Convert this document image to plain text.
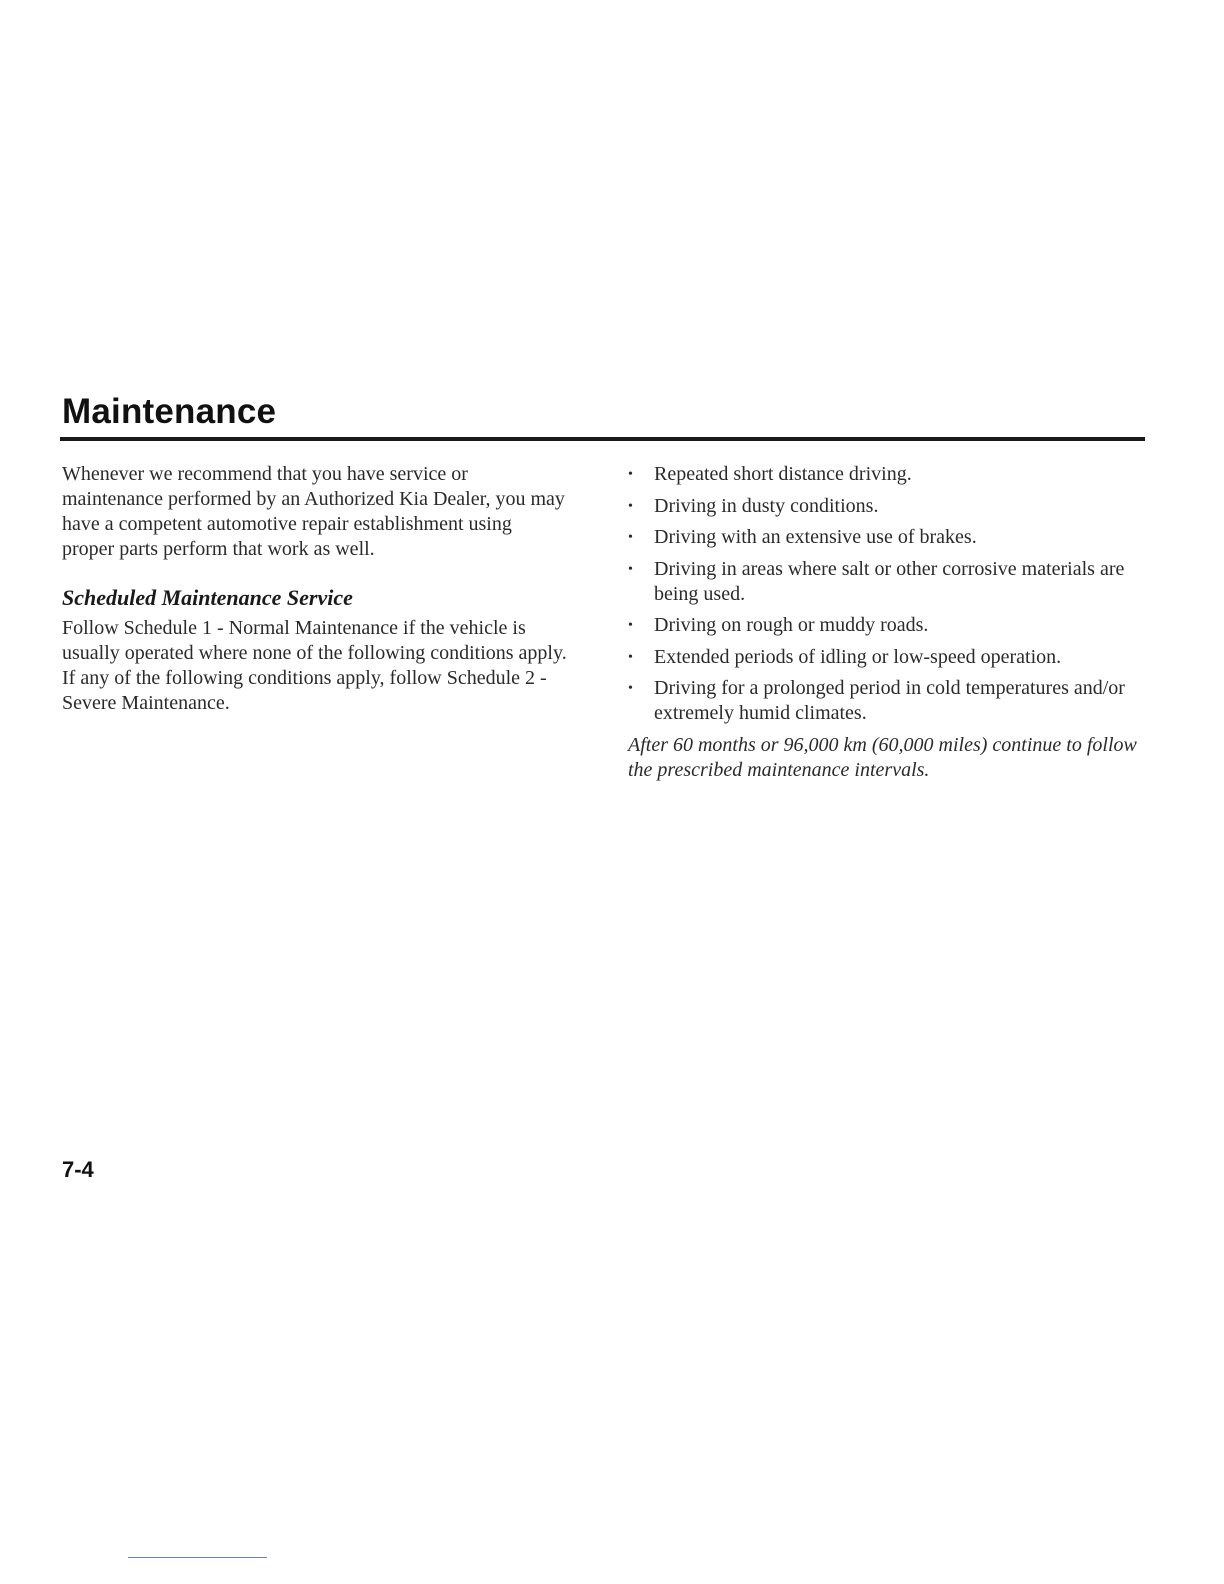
Maintenance

Whenever we recommend that you have service or maintenance performed by an Authorized Kia Dealer, you may have a competent automotive repair establishment using proper parts perform that work as well.

Scheduled Maintenance Service

Follow Schedule 1 - Normal Maintenance if the vehicle is usually operated where none of the following conditions apply. If any of the following conditions apply, follow Schedule 2 - Severe Maintenance.

• Repeated short distance driving.
• Driving in dusty conditions.
• Driving with an extensive use of brakes.
• Driving in areas where salt or other corrosive materials are being used.
• Driving on rough or muddy roads.
• Extended periods of idling or low-speed operation.
• Driving for a prolonged period in cold temperatures and/or extremely humid climates.

After 60 months or 96,000 km (60,000 miles) continue to follow the prescribed maintenance intervals.

7-4
